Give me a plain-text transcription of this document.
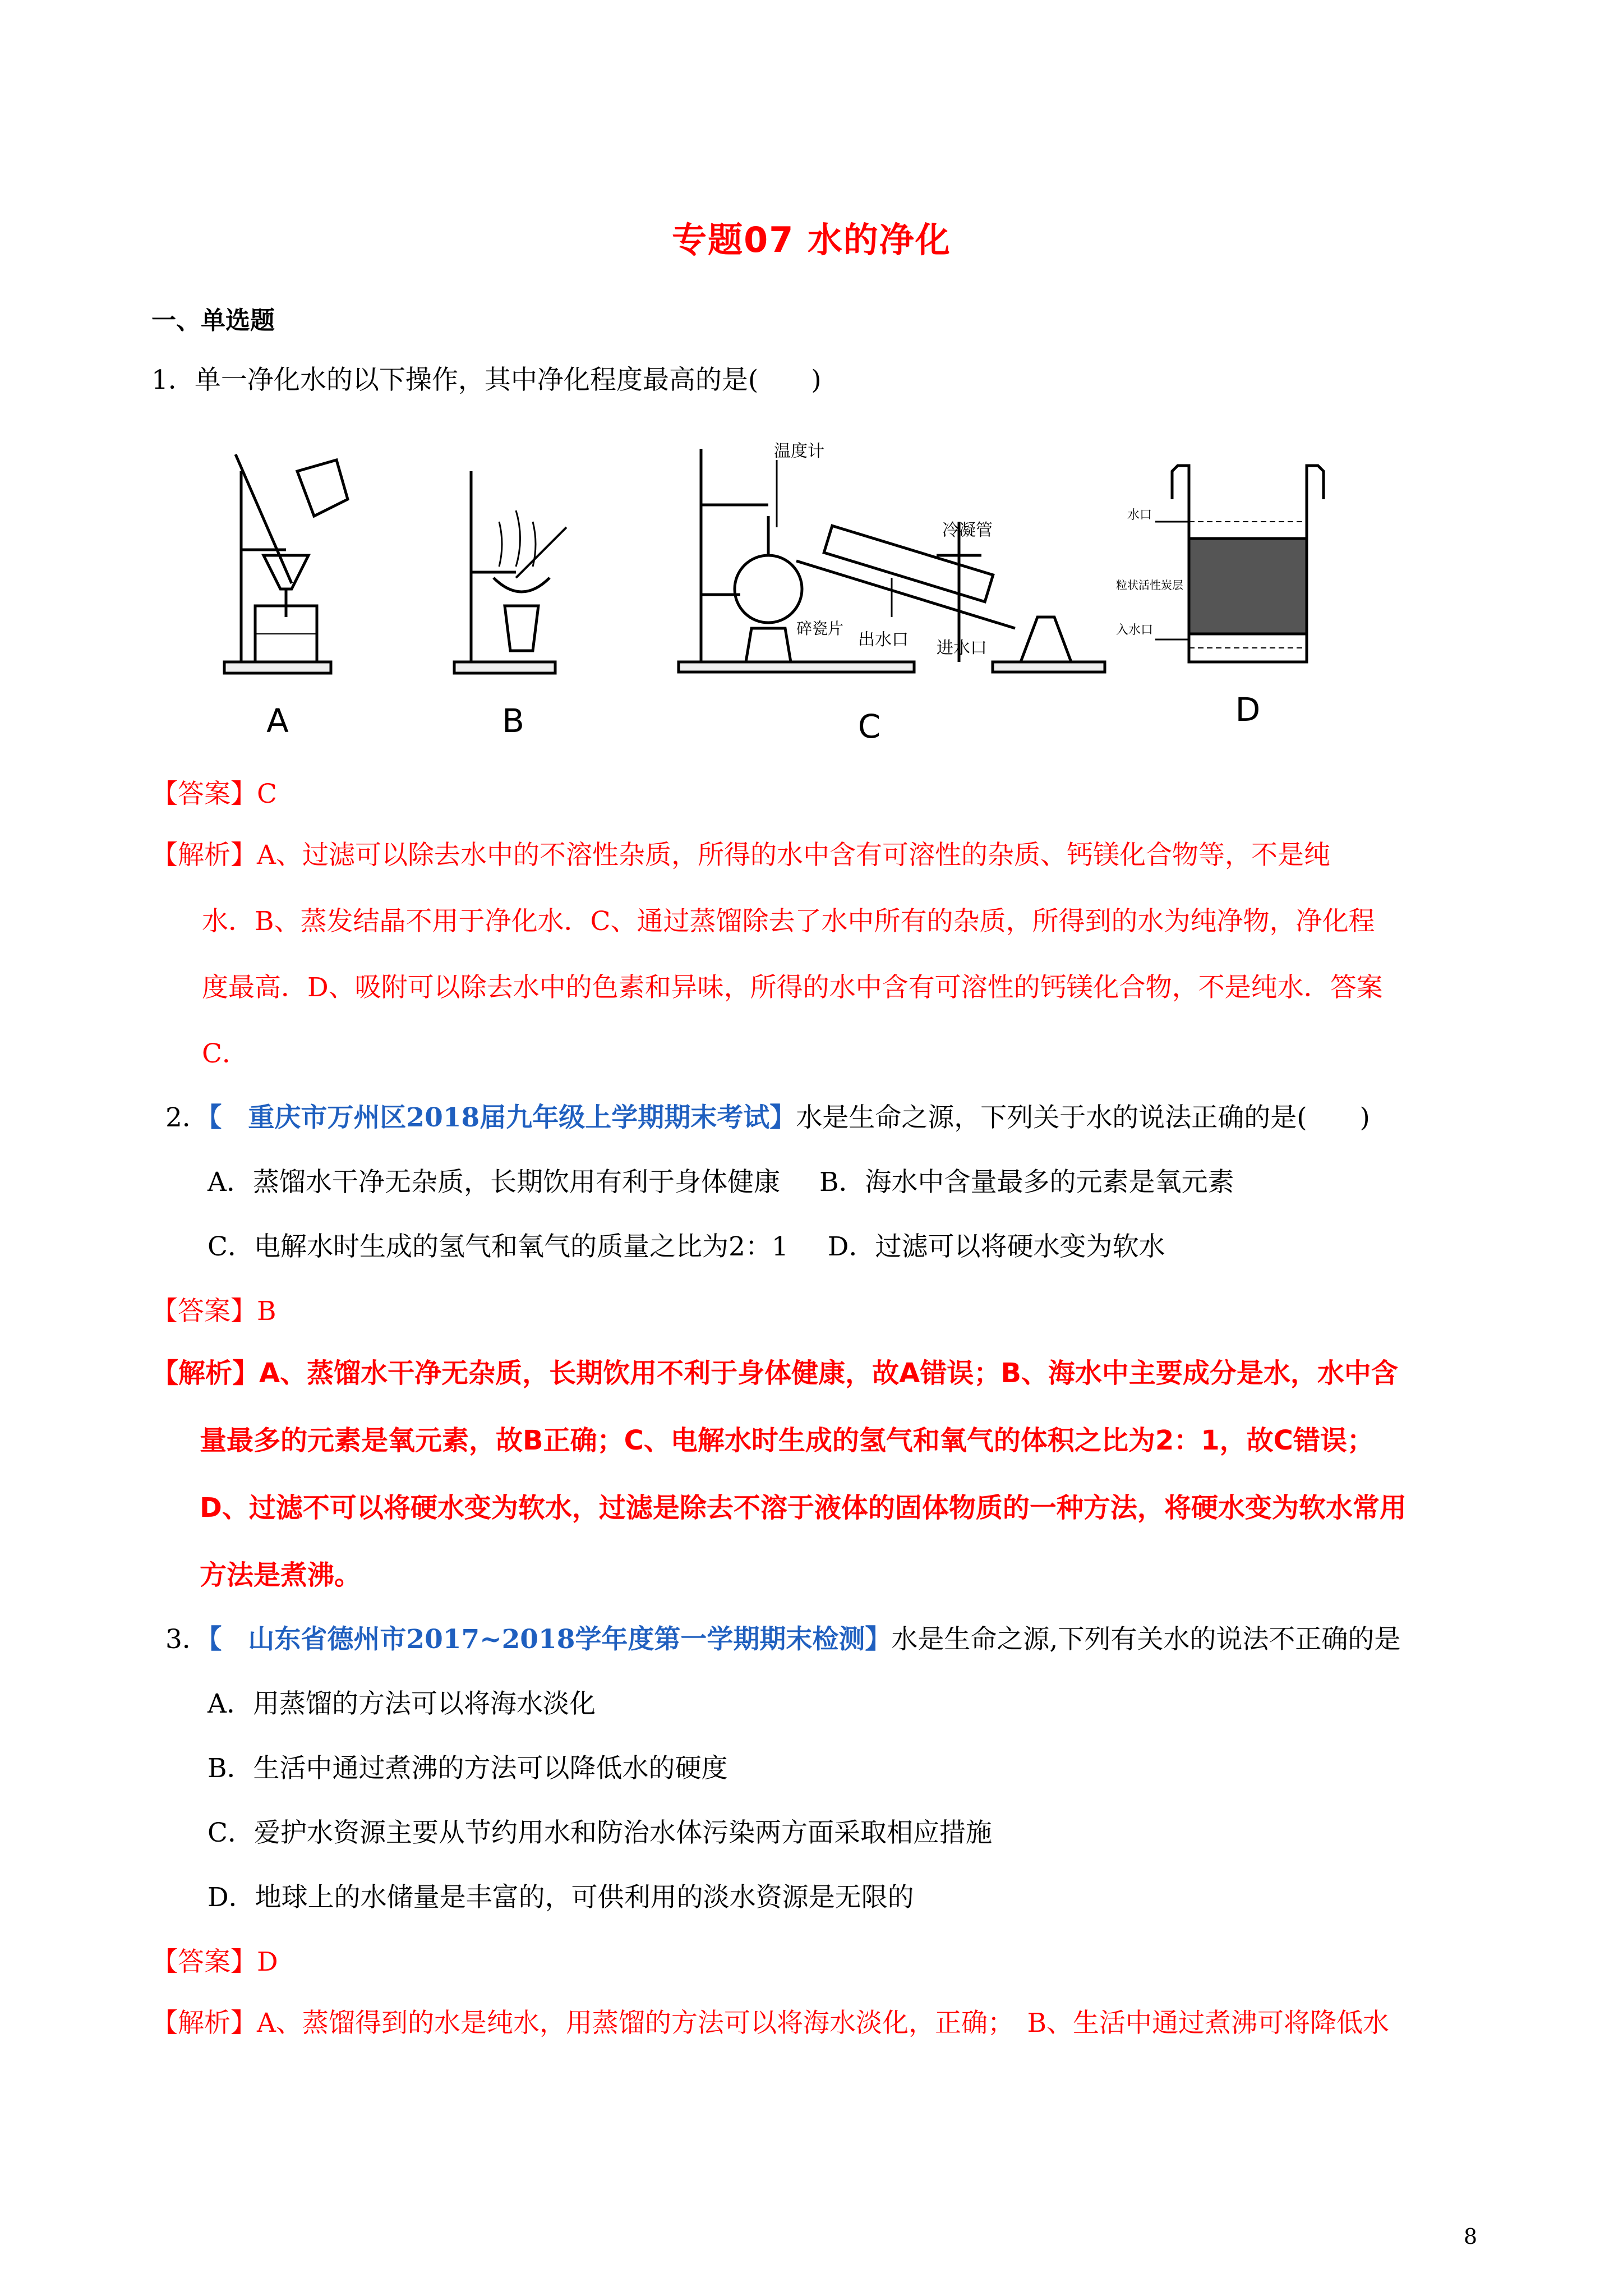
专题07 水的净化
一、单选题
1．单一净化水的以下操作，其中净化程度最高的是(　　)
温度计
冷凝管
碎瓷片
出水口 进水口
水口
粒状活性炭层
入水口
A	B	C	D
【答案】C
【解析】A、过滤可以除去水中的不溶性杂质，所得的水中含有可溶性的杂质、钙镁化合物等，不是纯
水．B、蒸发结晶不用于净化水．C、通过蒸馏除去了水中所有的杂质，所得到的水为纯净物，净化程
度最高．D、吸附可以除去水中的色素和异味，所得的水中含有可溶性的钙镁化合物，不是纯水．答案
C．
2．【　重庆市万州区2018届九年级上学期期末考试】水是生命之源，下列关于水的说法正确的是(　　)
A．蒸馏水干净无杂质，长期饮用有利于身体健康 B．海水中含量最多的元素是氧元素
C．电解水时生成的氢气和氧气的质量之比为2：1 D．过滤可以将硬水变为软水
【答案】B
【解析】A、蒸馏水干净无杂质，长期饮用不利于身体健康，故A错误；B、海水中主要成分是水，水中含
量最多的元素是氧元素，故B正确；C、电解水时生成的氢气和氧气的体积之比为2：1，故C错误；
D、过滤不可以将硬水变为软水，过滤是除去不溶于液体的固体物质的一种方法，将硬水变为软水常用
方法是煮沸。
3．【　山东省德州市2017~2018学年度第一学期期末检测】水是生命之源,下列有关水的说法不正确的是
A．用蒸馏的方法可以将海水淡化
B．生活中通过煮沸的方法可以降低水的硬度
C．爱护水资源主要从节约用水和防治水体污染两方面采取相应措施
D．地球上的水储量是丰富的，可供利用的淡水资源是无限的
【答案】D
【解析】A、蒸馏得到的水是纯水，用蒸馏的方法可以将海水淡化，正确；　B、生活中通过煮沸可将降低水
8
